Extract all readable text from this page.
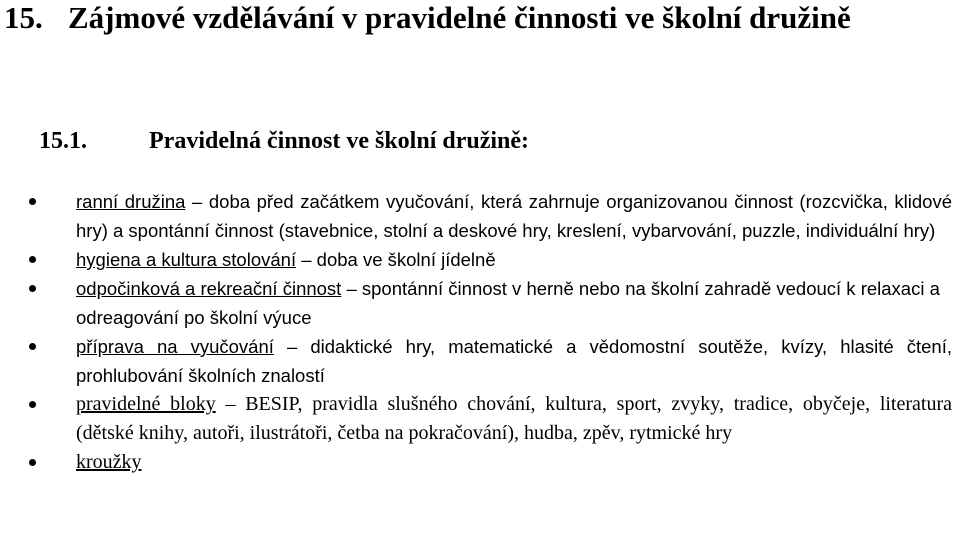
15. Zájmové vzdělávání v pravidelné činnosti ve školní družině
15.1.	Pravidelná činnost ve školní družině:
ranní družina – doba před začátkem vyučování, která zahrnuje organizovanou činnost (rozcvička, klidové hry) a spontánní činnost (stavebnice, stolní a deskové hry, kreslení, vybarvování, puzzle, individuální hry)
hygiena a kultura stolování – doba ve školní jídelně
odpočinková a rekreační činnost – spontánní činnost v herně nebo na školní zahradě vedoucí k relaxaci a odreagování po školní výuce
příprava na vyučování – didaktické hry, matematické a vědomostní soutěže, kvízy, hlasité čtení, prohlubování školních znalostí
pravidelné bloky – BESIP, pravidla slušného chování, kultura, sport, zvyky, tradice, obyčeje, literatura (dětské knihy, autoři, ilustrátoři, četba na pokračování), hudba, zpěv, rytmické hry
kroužky
